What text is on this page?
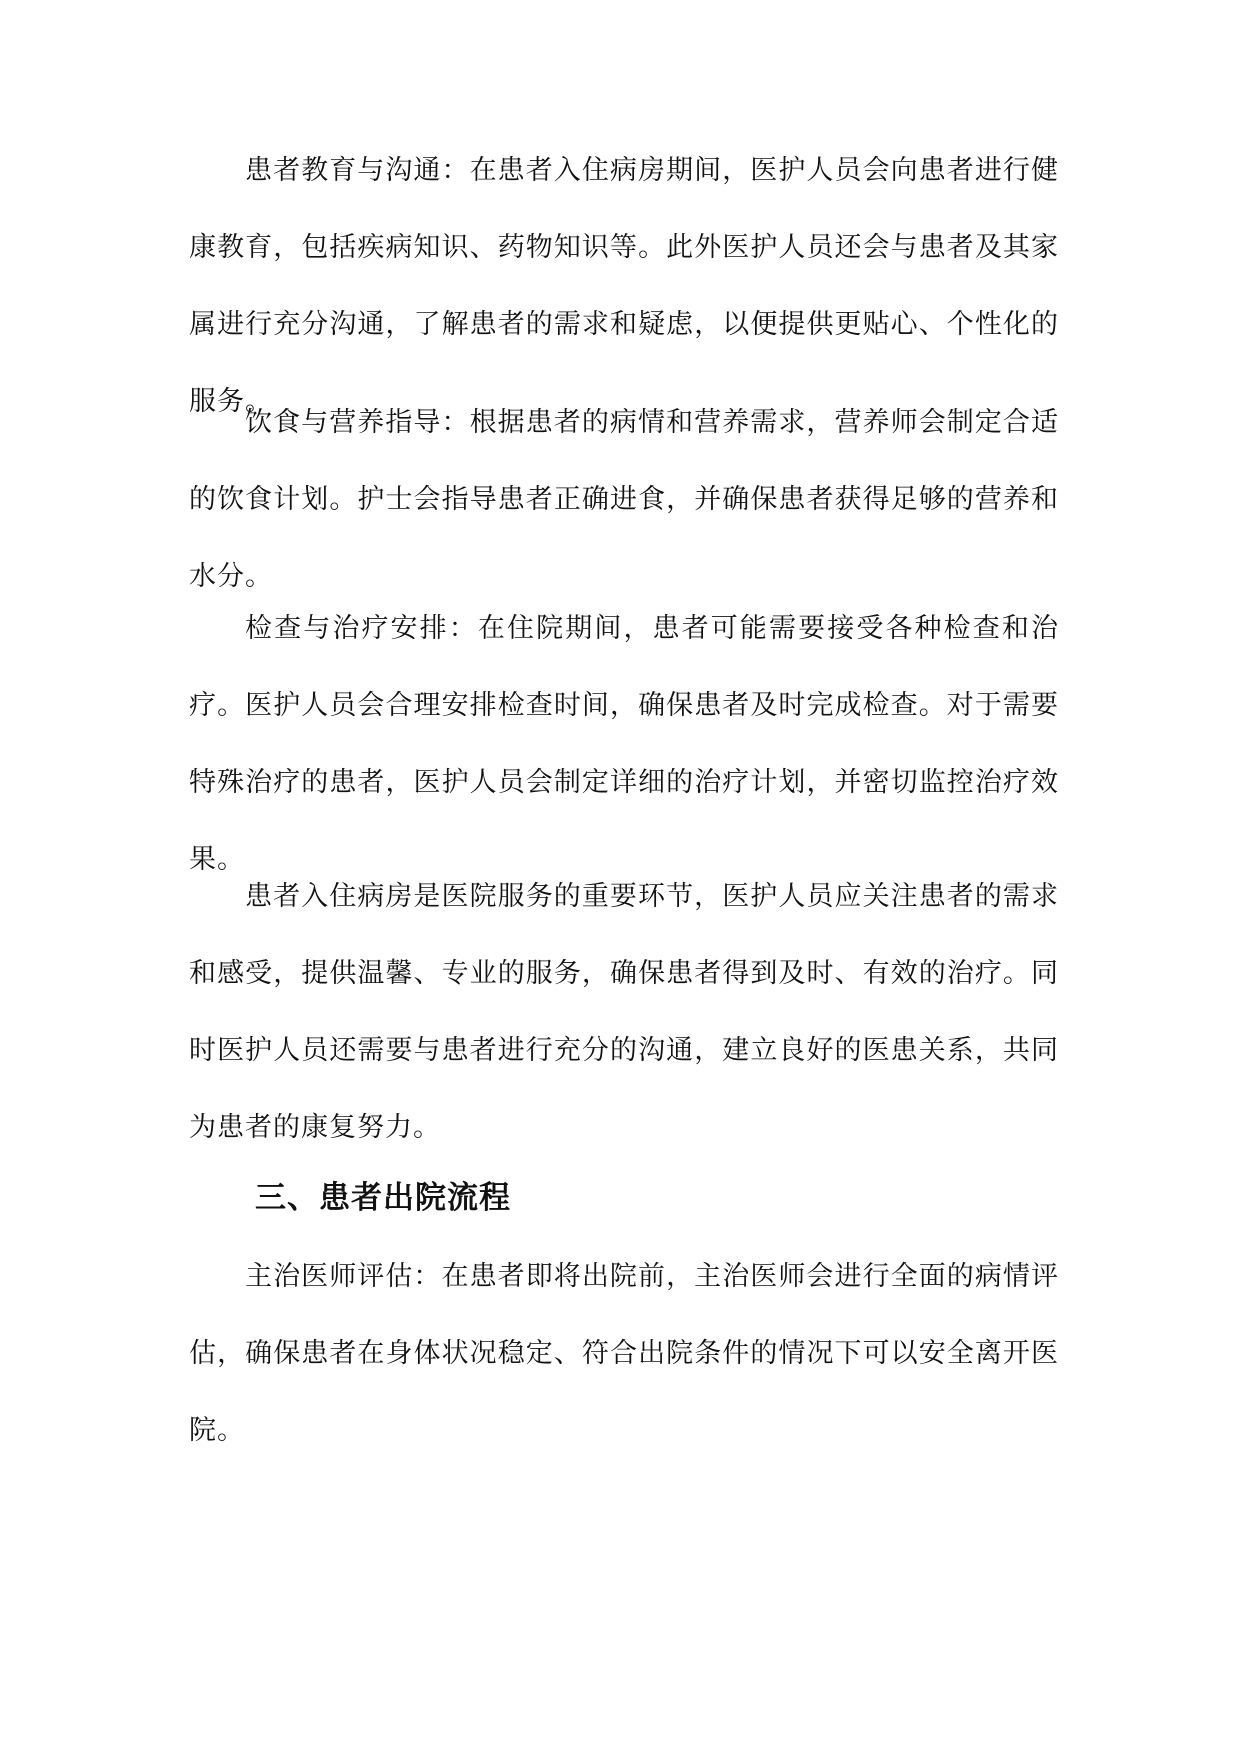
患者教育与沟通：在患者入住病房期间，医护人员会向患者进行健康教育，包括疾病知识、药物知识等。此外医护人员还会与患者及其家属进行充分沟通，了解患者的需求和疑虑，以便提供更贴心、个性化的服务。

饮食与营养指导：根据患者的病情和营养需求，营养师会制定合适的饮食计划。护士会指导患者正确进食，并确保患者获得足够的营养和水分。

检查与治疗安排：在住院期间，患者可能需要接受各种检查和治疗。医护人员会合理安排检查时间，确保患者及时完成检查。对于需要特殊治疗的患者，医护人员会制定详细的治疗计划，并密切监控治疗效果。

患者入住病房是医院服务的重要环节，医护人员应关注患者的需求和感受，提供温馨、专业的服务，确保患者得到及时、有效的治疗。同时医护人员还需要与患者进行充分的沟通，建立良好的医患关系，共同为患者的康复努力。

三、患者出院流程

主治医师评估：在患者即将出院前，主治医师会进行全面的病情评估，确保患者在身体状况稳定、符合出院条件的情况下可以安全离开医院。
